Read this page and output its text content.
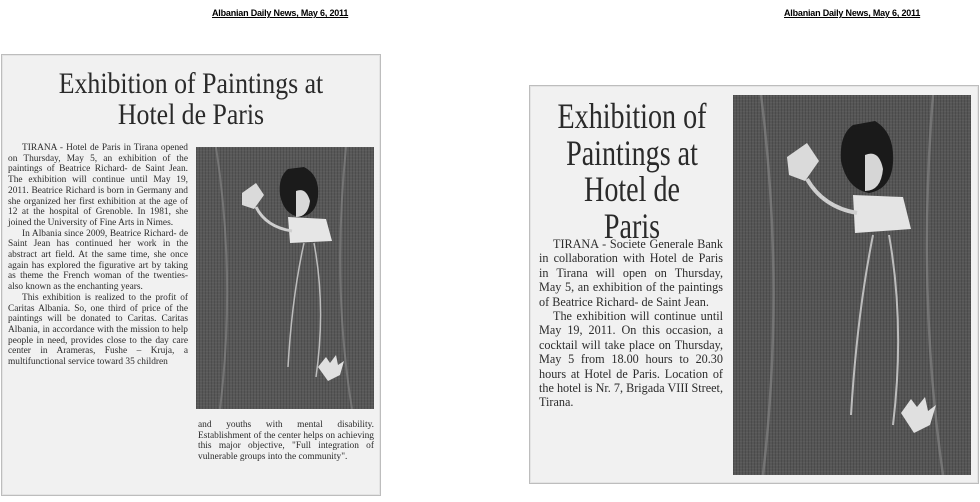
Albanian Daily News, May 6, 2011	Albanian Daily News, May 6, 2011
Exhibition of Paintings at Hotel de Paris

TIRANA - Hotel de Paris in Tirana opened on Thursday, May 5, an exhibition of the paintings of Beatrice Richard- de Saint Jean. The exhibition will continue until May 19, 2011. Beatrice Richard is born in Germany and she organized her first exhibition at the age of 12 at the hospital of Grenoble. In 1981, she joined the University of Fine Arts in Nimes.

In Albania since 2009, Beatrice Richard- de Saint Jean has continued her work in the abstract art field. At the same time, she once again has explored the figurative art by taking as theme the French woman of the twenties- also known as the enchanting years.

This exhibition is realized to the profit of Caritas Albania. So, one third of price of the paintings will be donated to Caritas. Caritas Albania, in accordance with the mission to help people in need, provides close to the day care center in Arameras, Fushe – Kruja, a multifunctional service toward 35 children

and youths with mental disability. Establishment of the center helps on achieving this major objective, "Full integration of vulnerable groups into the community".

Exhibition of Paintings at Hotel de Paris

TIRANA - Societe Generale Bank in collaboration with Hotel de Paris in Tirana will open on Thursday, May 5, an exhibition of the paintings of Beatrice Richard- de Saint Jean.

The exhibition will continue until May 19, 2011. On this occasion, a cocktail will take place on Thursday, May 5 from 18.00 hours to 20.30 hours at Hotel de Paris. Location of the hotel is Nr. 7, Brigada VIII Street, Tirana.
